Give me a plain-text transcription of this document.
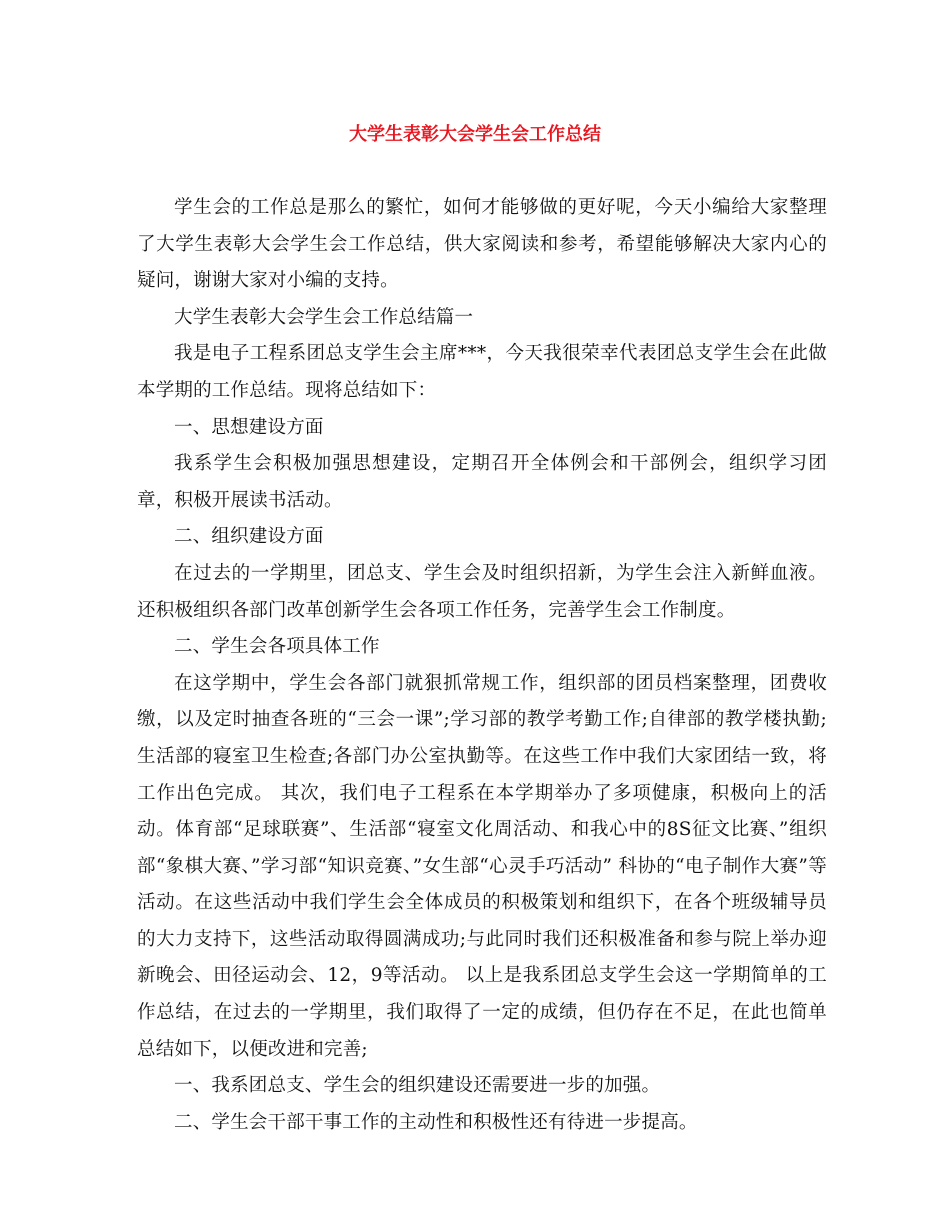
大学生表彰大会学生会工作总结

学生会的工作总是那么的繁忙，如何才能够做的更好呢，今天小编给大家整理了大学生表彰大会学生会工作总结，供大家阅读和参考，希望能够解决大家内心的疑问，谢谢大家对小编的支持。

大学生表彰大会学生会工作总结篇一

我是电子工程系团总支学生会主席***，今天我很荣幸代表团总支学生会在此做本学期的工作总结。现将总结如下：

一、思想建设方面

我系学生会积极加强思想建设，定期召开全体例会和干部例会，组织学习团章，积极开展读书活动。

二、组织建设方面

在过去的一学期里，团总支、学生会及时组织招新，为学生会注入新鲜血液。还积极组织各部门改革创新学生会各项工作任务，完善学生会工作制度。

二、学生会各项具体工作

在这学期中，学生会各部门就狠抓常规工作，组织部的团员档案整理，团费收缴，以及定时抽查各班的“三会一课”;学习部的教学考勤工作;自律部的教学楼执勤;生活部的寝室卫生检查;各部门办公室执勤等。在这些工作中我们大家团结一致，将工作出色完成。 其次，我们电子工程系在本学期举办了多项健康，积极向上的活动。体育部“足球联赛”、生活部“寝室文化周活动、和我心中的8S征文比赛、”组织部“象棋大赛、”学习部“知识竞赛、”女生部“心灵手巧活动” 科协的“电子制作大赛”等活动。在这些活动中我们学生会全体成员的积极策划和组织下，在各个班级辅导员的大力支持下，这些活动取得圆满成功;与此同时我们还积极准备和参与院上举办迎新晚会、田径运动会、12，9等活动。 以上是我系团总支学生会这一学期简单的工作总结，在过去的一学期里，我们取得了一定的成绩，但仍存在不足，在此也简单总结如下，以便改进和完善;

一、我系团总支、学生会的组织建设还需要进一步的加强。

二、学生会干部干事工作的主动性和积极性还有待进一步提高。
